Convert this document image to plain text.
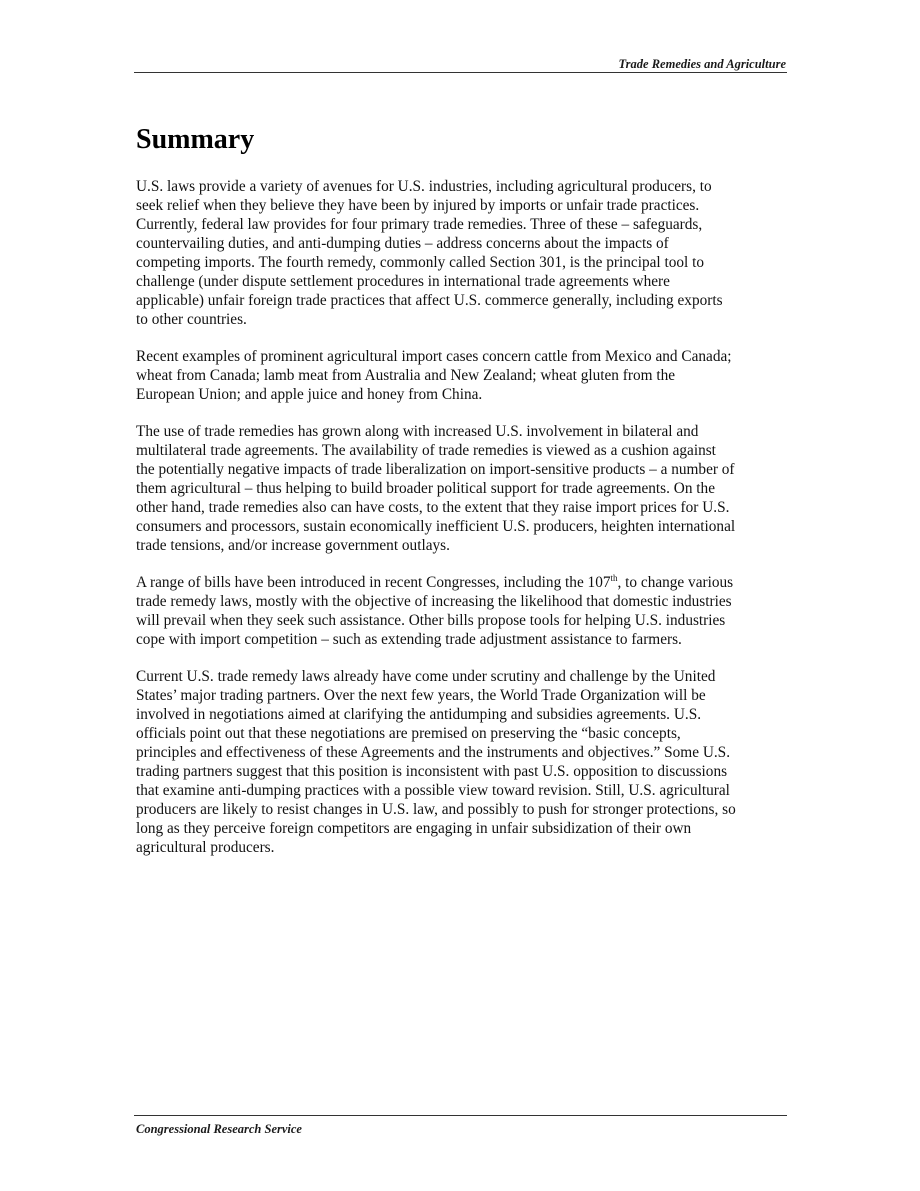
Trade Remedies and Agriculture
Summary

U.S. laws provide a variety of avenues for U.S. industries, including agricultural producers, to
seek relief when they believe they have been by injured by imports or unfair trade practices.
Currently, federal law provides for four primary trade remedies. Three of these – safeguards,
countervailing duties, and anti-dumping duties – address concerns about the impacts of
competing imports. The fourth remedy, commonly called Section 301, is the principal tool to
challenge (under dispute settlement procedures in international trade agreements where
applicable) unfair foreign trade practices that affect U.S. commerce generally, including exports
to other countries.

Recent examples of prominent agricultural import cases concern cattle from Mexico and Canada;
wheat from Canada; lamb meat from Australia and New Zealand; wheat gluten from the
European Union; and apple juice and honey from China.

The use of trade remedies has grown along with increased U.S. involvement in bilateral and
multilateral trade agreements. The availability of trade remedies is viewed as a cushion against
the potentially negative impacts of trade liberalization on import-sensitive products – a number of
them agricultural – thus helping to build broader political support for trade agreements. On the
other hand, trade remedies also can have costs, to the extent that they raise import prices for U.S.
consumers and processors, sustain economically inefficient U.S. producers, heighten international
trade tensions, and/or increase government outlays.

A range of bills have been introduced in recent Congresses, including the 107th, to change various
trade remedy laws, mostly with the objective of increasing the likelihood that domestic industries
will prevail when they seek such assistance. Other bills propose tools for helping U.S. industries
cope with import competition – such as extending trade adjustment assistance to farmers.

Current U.S. trade remedy laws already have come under scrutiny and challenge by the United
States’ major trading partners. Over the next few years, the World Trade Organization will be
involved in negotiations aimed at clarifying the antidumping and subsidies agreements. U.S.
officials point out that these negotiations are premised on preserving the “basic concepts,
principles and effectiveness of these Agreements and the instruments and objectives.” Some U.S.
trading partners suggest that this position is inconsistent with past U.S. opposition to discussions
that examine anti-dumping practices with a possible view toward revision. Still, U.S. agricultural
producers are likely to resist changes in U.S. law, and possibly to push for stronger protections, so
long as they perceive foreign competitors are engaging in unfair subsidization of their own
agricultural producers.

Congressional Research Service
